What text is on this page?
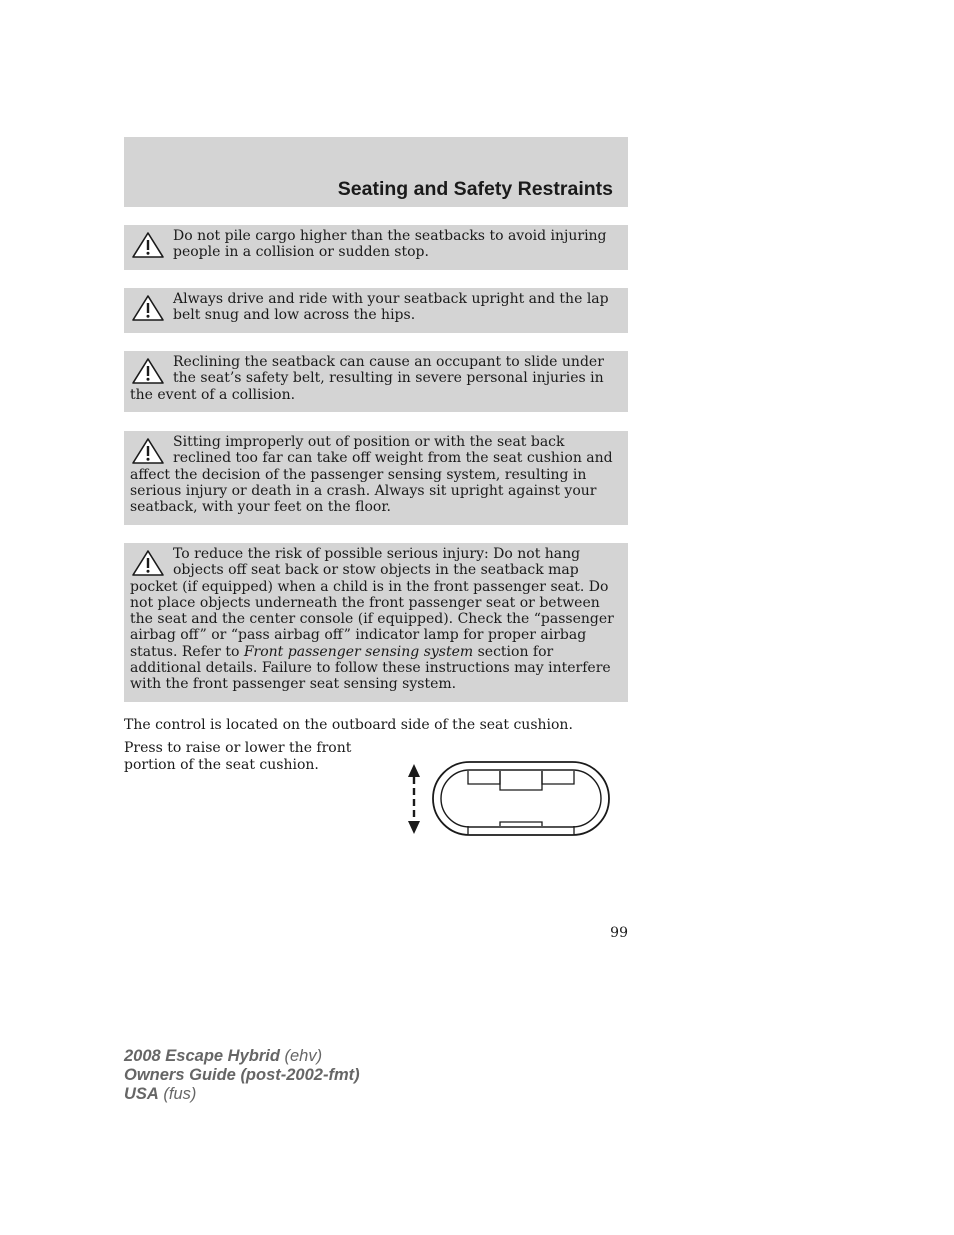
Seating and Safety Restraints

Do not pile cargo higher than the seatbacks to avoid injuring people in a collision or sudden stop.

Always drive and ride with your seatback upright and the lap belt snug and low across the hips.

Reclining the seatback can cause an occupant to slide under the seat’s safety belt, resulting in severe personal injuries in the event of a collision.

Sitting improperly out of position or with the seat back reclined too far can take off weight from the seat cushion and affect the decision of the passenger sensing system, resulting in serious injury or death in a crash. Always sit upright against your seatback, with your feet on the floor.

To reduce the risk of possible serious injury: Do not hang objects off seat back or stow objects in the seatback map pocket (if equipped) when a child is in the front passenger seat. Do not place objects underneath the front passenger seat or between the seat and the center console (if equipped). Check the “passenger airbag off” or “pass airbag off” indicator lamp for proper airbag status. Refer to Front passenger sensing system section for additional details. Failure to follow these instructions may interfere with the front passenger seat sensing system.

The control is located on the outboard side of the seat cushion.

Press to raise or lower the front portion of the seat cushion.

99
2008 Escape Hybrid (ehv)
Owners Guide (post-2002-fmt)
USA (fus)
